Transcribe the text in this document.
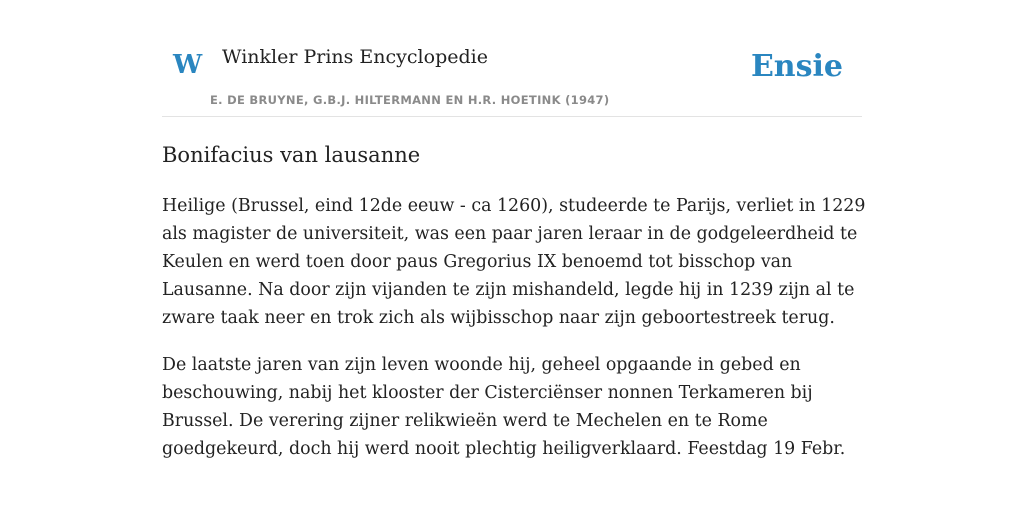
W Winkler Prins Encyclopedie
E. DE BRUYNE, G.B.J. HILTERMANN EN H.R. HOETINK (1947)
Ensie
Bonifacius van lausanne

Heilige (Brussel, eind 12de eeuw - ca 1260), studeerde te Parijs, verliet in 1229 als magister de universiteit, was een paar jaren leraar in de godgeleerdheid te Keulen en werd toen door paus Gregorius IX benoemd tot bisschop van Lausanne. Na door zijn vijanden te zijn mishandeld, legde hij in 1239 zijn al te zware taak neer en trok zich als wijbisschop naar zijn geboortestreek terug.

De laatste jaren van zijn leven woonde hij, geheel opgaande in gebed en beschouwing, nabij het klooster der Cisterciënser nonnen Terkameren bij Brussel. De verering zijner relikwieën werd te Mechelen en te Rome goedgekeurd, doch hij werd nooit plechtig heiligverklaard. Feestdag 19 Febr.
